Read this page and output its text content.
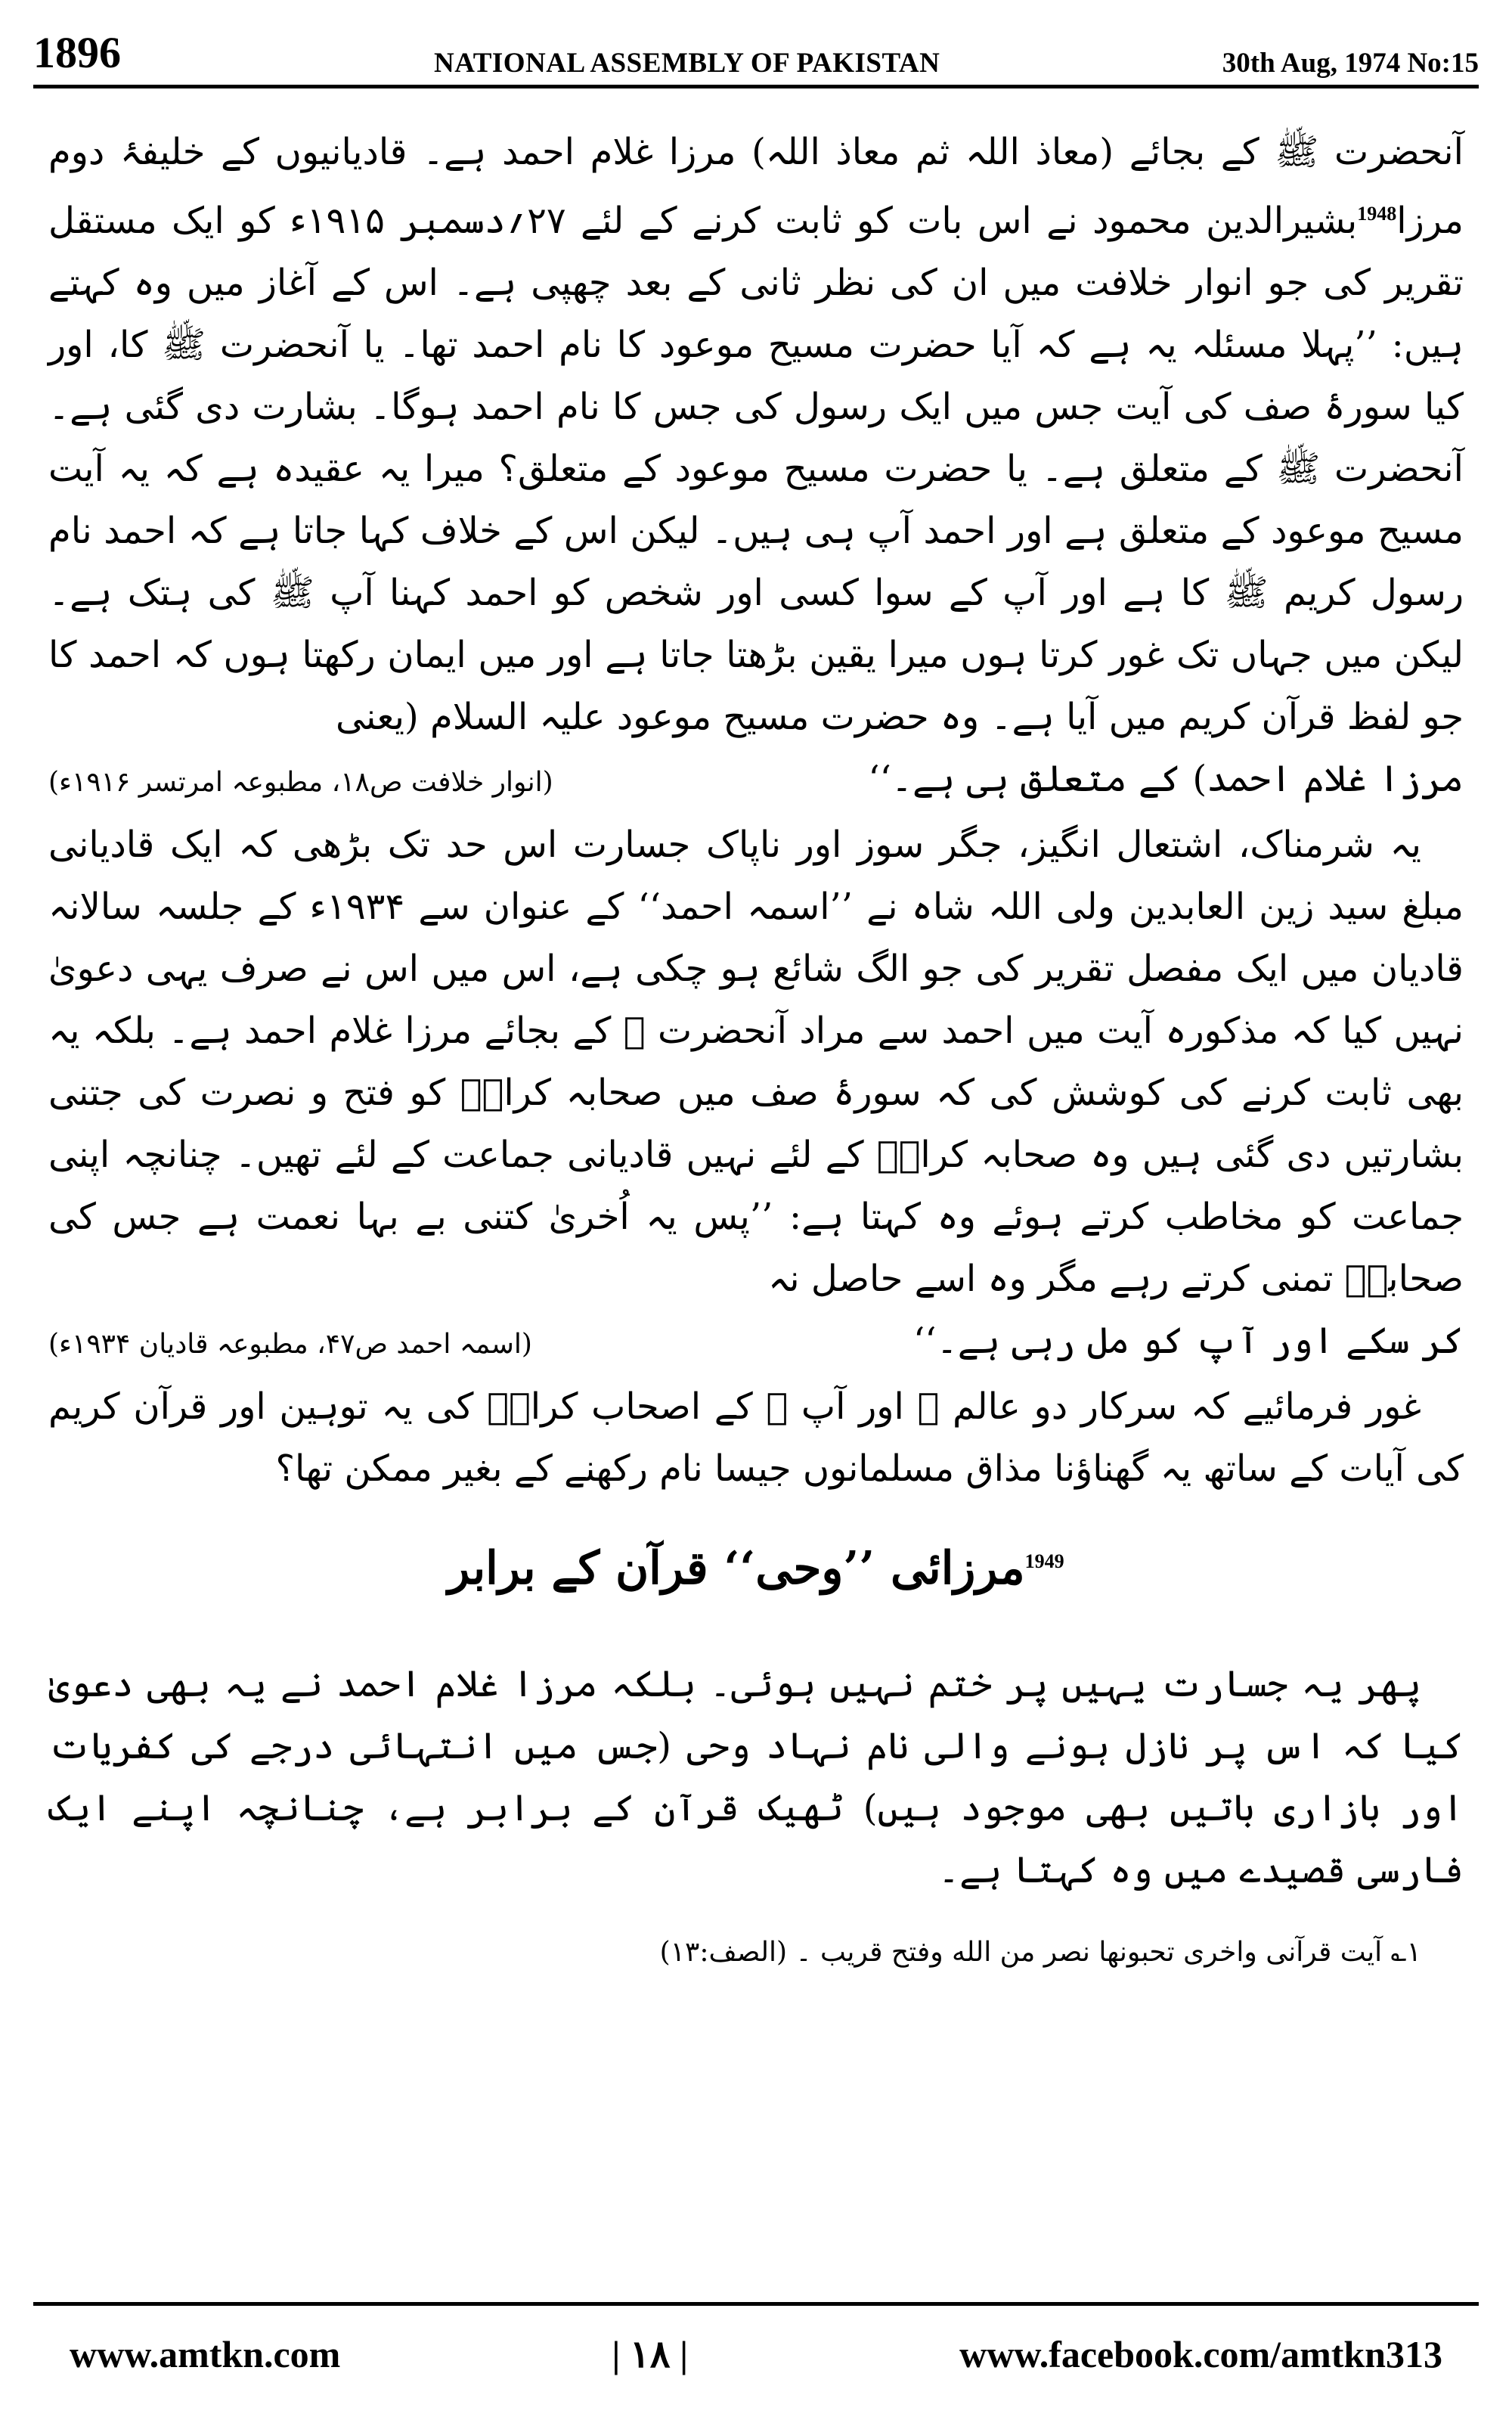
1896	NATIONAL ASSEMBLY OF PAKISTAN	30th Aug, 1974 No:15

آنحضرت ﷺ کے بجائے (معاذ اللہ ثم معاذ اللہ) مرزا غلام احمد ہے۔ قادیانیوں کے خلیفۂ دوم مرزا$^{1948}$بشیرالدین محمود نے اس بات کو ثابت کرنے کے لئے ۲۷؍دسمبر ۱۹۱۵ء کو ایک مستقل تقریر کی جو انوار خلافت میں ان کی نظر ثانی کے بعد چھپی ہے۔ اس کے آغاز میں وہ کہتے ہیں: ’’پہلا مسئلہ یہ ہے کہ آیا حضرت مسیح موعود کا نام احمد تھا۔ یا آنحضرت ﷺ کا، اور کیا سورۂ صف کی آیت جس میں ایک رسول کی جس کا نام احمد ہوگا۔ بشارت دی گئی ہے۔ آنحضرت ﷺ کے متعلق ہے۔ یا حضرت مسیح موعود کے متعلق؟ میرا یہ عقیدہ ہے کہ یہ آیت مسیح موعود کے متعلق ہے اور احمد آپ ہی ہیں۔ لیکن اس کے خلاف کہا جاتا ہے کہ احمد نام رسول کریم ﷺ کا ہے اور آپ کے سوا کسی اور شخص کو احمد کہنا آپ ﷺ کی ہتک ہے۔ لیکن میں جہاں تک غور کرتا ہوں میرا یقین بڑھتا جاتا ہے اور میں ایمان رکھتا ہوں کہ احمد کا جو لفظ قرآن کریم میں آیا ہے۔ وہ حضرت مسیح موعود علیہ السلام (یعنی

مرزا غلام احمد) کے متعلق ہی ہے۔‘‘
(انوار خلافت ص۱۸، مطبوعہ امرتسر ۱۹۱۶ء)

یہ شرمناک، اشتعال انگیز، جگر سوز اور ناپاک جسارت اس حد تک بڑھی کہ ایک قادیانی مبلغ سید زین العابدین ولی اللہ شاہ نے ’’اسمہ احمد‘‘ کے عنوان سے ۱۹۳۴ء کے جلسہ سالانہ قادیان میں ایک مفصل تقریر کی جو الگ شائع ہو چکی ہے، اس میں اس نے صرف یہی دعویٰ نہیں کیا کہ مذکورہ آیت میں احمد سے مراد آنحضرت ﷺ کے بجائے مرزا غلام احمد ہے۔ بلکہ یہ بھی ثابت کرنے کی کوشش کی کہ سورۂ صف میں صحابہ کرامؓ کو فتح و نصرت کی جتنی بشارتیں دی گئی ہیں وہ صحابہ کرامؓ کے لئے نہیں قادیانی جماعت کے لئے تھیں۔ چنانچہ اپنی جماعت کو مخاطب کرتے ہوئے وہ کہتا ہے: ’’پس یہ اُخریٰ کتنی بے بہا نعمت ہے جس کی صحابہؓ تمنی کرتے رہے مگر وہ اسے حاصل نہ

کر سکے اور آپ کو مل رہی ہے۔‘‘
(اسمہ احمد ص۴۷، مطبوعہ قادیان ۱۹۳۴ء)

غور فرمائیے کہ سرکار دو عالم ﷺ اور آپ ﷺ کے اصحاب کرامؓ کی یہ توہین اور قرآن کریم کی آیات کے ساتھ یہ گھناؤنا مذاق مسلمانوں جیسا نام رکھنے کے بغیر ممکن تھا؟

$^{1949}$مرزائی ’’وحی‘‘ قرآن کے برابر

پھر یہ جسارت یہیں پر ختم نہیں ہوئی۔ بلکہ مرزا غلام احمد نے یہ بھی دعویٰ کیا کہ اس پر نازل ہونے والی نام نہاد وحی (جس میں انتہائی درجے کی کفریات اور بازاری باتیں بھی موجود ہیں) ٹھیک قرآن کے برابر ہے، چنانچہ اپنے ایک فارسی قصیدے میں وہ کہتا ہے۔

۱؎ آیت قرآنی واخری تحبونها نصر من الله وفتح قريب ۔ (الصف:۱۳)
www.amtkn.com	| ۱۸ |	www.facebook.com/amtkn313
